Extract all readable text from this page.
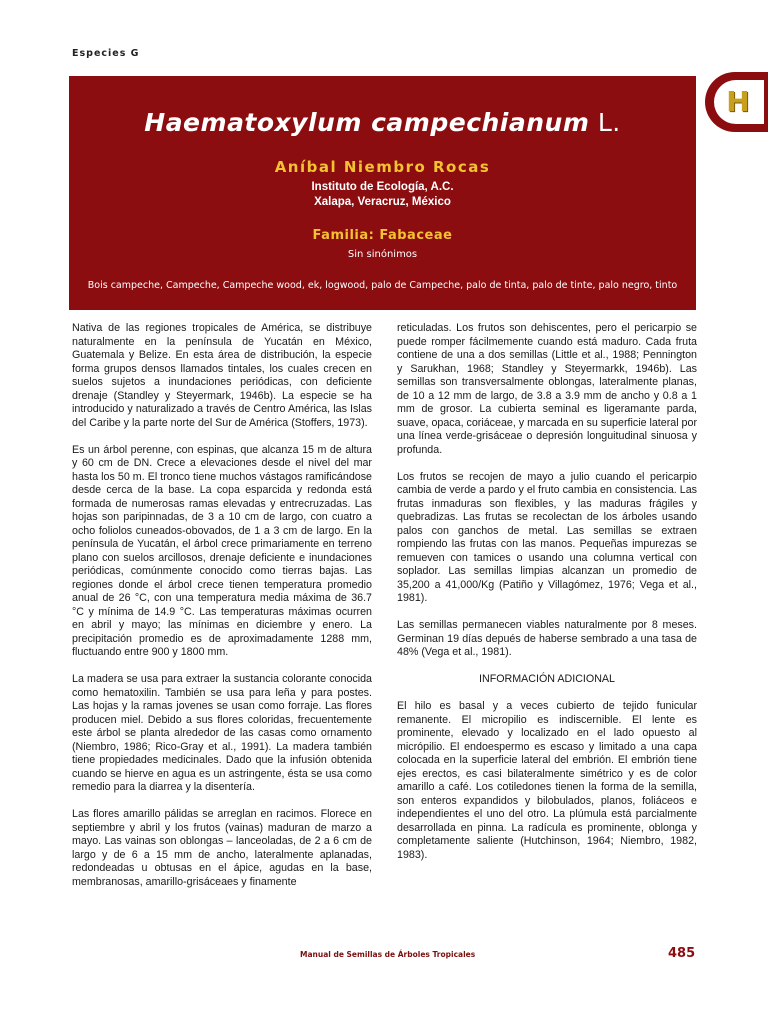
Especies G
H
Haematoxylum campechianum L.
Aníbal Niembro Rocas
Instituto de Ecología, A.C.
Xalapa, Veracruz, México
Familia: Fabaceae
Sin sinónimos
Bois campeche, Campeche, Campeche wood, ek, logwood, palo de Campeche, palo de tinta, palo de tinte, palo negro, tinto

Nativa de las regiones tropicales de América, se distribuye naturalmente en la península de Yucatán en México, Guatemala y Belize. En esta área de distribución, la especie forma grupos densos llamados tintales, los cuales crecen en suelos sujetos a inundaciones periódicas, con deficiente drenaje (Standley y Steyermark, 1946b). La especie se ha introducido y naturalizado a través de Centro América, las Islas del Caribe y la parte norte del Sur de América (Stoffers, 1973).

Es un árbol perenne, con espinas, que alcanza 15 m de altura y 60 cm de DN. Crece a elevaciones desde el nivel del mar hasta los 50 m. El tronco tiene muchos vástagos ramificándose desde cerca de la base. La copa esparcida y redonda está formada de numerosas ramas elevadas y entrecruzadas. Las hojas son paripinnadas, de 3 a 10 cm de largo, con cuatro a ocho foliolos cuneados-obovados, de 1 a 3 cm de largo. En la península de Yucatán, el árbol crece primariamente en terreno plano con suelos arcillosos, drenaje deficiente e inundaciones periódicas, comúnmente conocido como tierras bajas. Las regiones donde el árbol crece tienen temperatura promedio anual de 26 °C, con una temperatura media máxima de 36.7 °C y mínima de 14.9 °C. Las temperaturas máximas ocurren en abril y mayo; las mínimas en diciembre y enero. La precipitación promedio es de aproximadamente 1288 mm, fluctuando entre 900 y 1800 mm.

La madera se usa para extraer la sustancia colorante conocida como hematoxilin. También se usa para leña y para postes. Las hojas y la ramas jovenes se usan como forraje. Las flores producen miel. Debido a sus flores coloridas, frecuentemente este árbol se planta alrededor de las casas como ornamento (Niembro, 1986; Rico-Gray et al., 1991). La madera también tiene propiedades medicinales. Dado que la infusión obtenida cuando se hierve en agua es un astringente, ésta se usa como remedio para la diarrea y la disentería.

Las flores amarillo pálidas se arreglan en racimos. Florece en septiembre y abril y los frutos (vainas) maduran de marzo a mayo. Las vainas son oblongas – lanceoladas, de 2 a 6 cm de largo y de 6 a 15 mm de ancho, lateralmente aplanadas, redondeadas u obtusas en el ápice, agudas en la base, membranosas, amarillo-grisáceaes y finamente

reticuladas. Los frutos son dehiscentes, pero el pericarpio se puede romper fácilmemente cuando está maduro. Cada fruta contiene de una a dos semillas (Little et al., 1988; Pennington y Sarukhan, 1968; Standley y Steyermarkk, 1946b). Las semillas son transversalmente oblongas, lateralmente planas, de 10 a 12 mm de largo, de 3.8 a 3.9 mm de ancho y 0.8 a 1 mm de grosor. La cubierta seminal es ligeramante parda, suave, opaca, coriáceae, y marcada en su superficie lateral por una línea verde-grisáceae o depresión longuitudinal sinuosa y profunda.

Los frutos se recojen de mayo a julio cuando el pericarpio cambia de verde a pardo y el fruto cambia en consistencia. Las frutas inmaduras son flexibles, y las maduras frágiles y quebradizas. Las frutas se recolectan de los árboles usando palos con ganchos de metal. Las semillas se extraen rompiendo las frutas con las manos. Pequeñas impurezas se remueven con tamices o usando una columna vertical con soplador. Las semillas limpias alcanzan un promedio de 35,200 a 41,000/Kg (Patiño y Villagómez, 1976; Vega et al., 1981).

Las semillas permanecen viables naturalmente por 8 meses. Germinan 19 días depués de haberse sembrado a una tasa de 48% (Vega et al., 1981).

INFORMACIÓN ADICIONAL

El hilo es basal y a veces cubierto de tejido funicular remanente. El micropilio es indiscernible. El lente es prominente, elevado y localizado en el lado opuesto al micrópilio. El endoespermo es escaso y limitado a una capa colocada en la superficie lateral del embrión. El embrión tiene ejes erectos, es casi bilateralmente simétrico y es de color amarillo a café. Los cotiledones tienen la forma de la semilla, son enteros expandidos y bilobulados, planos, foliáceos e independientes el uno del otro. La plúmula está parcialmente desarrollada en pinna. La radícula es prominente, oblonga y completamente saliente (Hutchinson, 1964; Niembro, 1982, 1983).

Manual de Semillas de Árboles Tropicales	485
